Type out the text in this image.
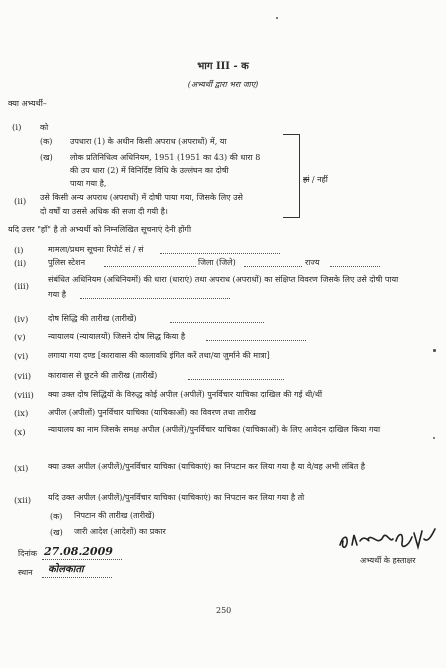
भाग III - क
(अभ्यर्थी द्वारा भरा जाए)
क्या अभ्यर्थी–
(i) को
(क) उपधारा (1) के अधीन किसी अपराध (अपराधों) में, या
(ख) लोक प्रतिनिधित्व अधिनियम, 1951 (1951 का 43) की धारा 8
की उप धारा (2) में विनिर्दिष्ट विधि के उल्लंघन का दोषी
पाया गया है,
(ii) उसे किसी अन्य अपराध (अपराधों) में दोषी पाया गया, जिसके लिए उसे
दो वर्षों या उससे अधिक की सजा दी गयी है।
हां / नहीं
यदि उत्तर "हाँ" है तो अभ्यर्थी को निम्नलिखित सूचनाएं देनी होंगी
(i)	मामला/प्रथम सूचना रिपोर्ट सं / सं
(ii)	पुलिस स्टेशन	जिला (जिले)	राज्य
(iii)
संबंधित अधिनियम (अधिनियमों) की धारा (धाराएं) तथा अपराध (अपराधों) का संक्षिप्त विवरण जिसके लिए उसे दोषी पाया
गया है
(iv) दोष सिद्धि की तारीख (तारीखें)
(v)	न्यायालय (न्यायालयों) जिसने दोष सिद्ध किया है
(vi) लगाया गया दण्ड [कारावास की कालावधि इंगित करें तथा/या जुर्माने की मात्रा]
(vii) कारावास से छूटने की तारीख (तारीखें)
(viii) क्या उक्त दोष सिद्धियों के विरुद्ध कोई अपील (अपीलें) पुनर्विचार याचिका दाखिल की गई थी/थीं
(ix) अपील (अपीलों) पुनर्विचार याचिका (याचिकाओं) का विवरण तथा तारीख
(x)	न्यायालय का नाम जिसके समक्ष अपील (अपीलें)/पुनर्विचार याचिका (याचिकाओं) के लिए आवेदन दाखिल किया गया
(xi) क्या उक्त अपील (अपीलें)/पुनर्विचार याचिका (याचिकाएं) का निपटान कर लिया गया है या वे/वह अभी लंबित है
(xii) यदि उक्त अपील (अपीलें)/पुनर्विचार याचिका (याचिकाएं) का निपटान कर लिया गया है तो
(क) निपटान की तारीख (तारीखें)
(ख) जारी आदेश (आदेशों) का प्रकार
दिनांक 27.08.2009
स्थान कोलकाता
अभ्यर्थी के हस्ताक्षर
250
